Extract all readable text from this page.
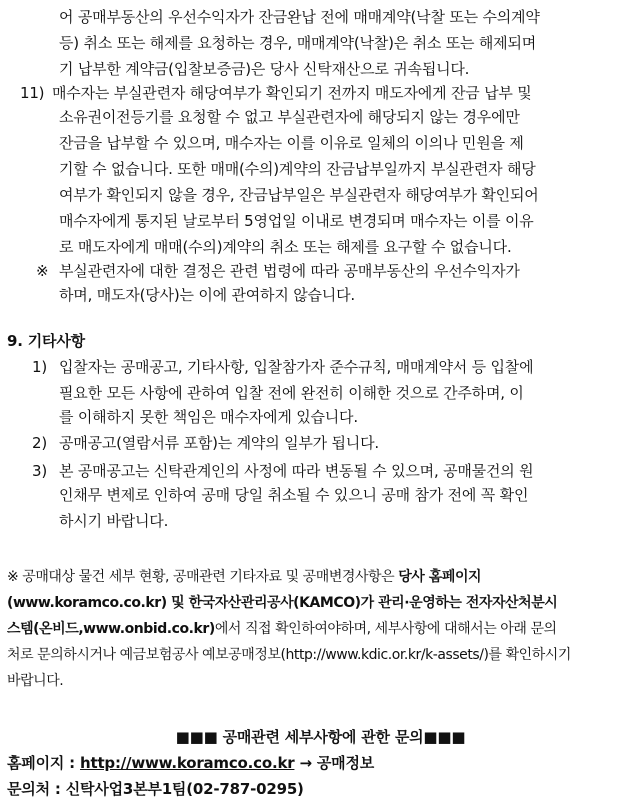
어 공매부동산의 우선수익자가 잔금완납 전에 매매계약(낙찰 또는 수의계약
등) 취소 또는 해제를 요청하는 경우, 매매계약(낙찰)은 취소 또는 해제되며
기 납부한 계약금(입찰보증금)은 당사 신탁재산으로 귀속됩니다.
11) 매수자는 부실관련자 해당여부가 확인되기 전까지 매도자에게 잔금 납부 및
소유권이전등기를 요청할 수 없고 부실관련자에 해당되지 않는 경우에만
잔금을 납부할 수 있으며, 매수자는 이를 이유로 일체의 이의나 민원을 제
기할 수 없습니다. 또한 매매(수의)계약의 잔금납부일까지 부실관련자 해당
여부가 확인되지 않을 경우, 잔금납부일은 부실관련자 해당여부가 확인되어
매수자에게 통지된 날로부터 5영업일 이내로 변경되며 매수자는 이를 이유
로 매도자에게 매매(수의)계약의 취소 또는 해제를 요구할 수 없습니다.
※ 부실관련자에 대한 결정은 관련 법령에 따라 공매부동산의 우선수익자가
하며, 매도자(당사)는 이에 관여하지 않습니다.
9. 기타사항
1) 입찰자는 공매공고, 기타사항, 입찰참가자 준수규칙, 매매계약서 등 입찰에
필요한 모든 사항에 관하여 입찰 전에 완전히 이해한 것으로 간주하며, 이
를 이해하지 못한 책임은 매수자에게 있습니다.
2) 공매공고(열람서류 포함)는 계약의 일부가 됩니다.
3) 본 공매공고는 신탁관계인의 사정에 따라 변동될 수 있으며, 공매물건의 원
인채무 변제로 인하여 공매 당일 취소될 수 있으니 공매 참가 전에 꼭 확인
하시기 바랍니다.
※ 공매대상 물건 세부 현황, 공매관련 기타자료 및 공매변경사항은 당사 홈페이지
(www.koramco.co.kr) 및 한국자산관리공사(KAMCO)가 관리·운영하는 전자자산처분시
스템(온비드,www.onbid.co.kr)에서 직접 확인하여야하며, 세부사항에 대해서는 아래 문의
처로 문의하시거나 예금보험공사 예보공매정보(http://www.kdic.or.kr/k-assets/)를 확인하시기
바랍니다.
■■■ 공매관련 세부사항에 관한 문의■■■
홈페이지 : http://www.koramco.co.kr → 공매정보
문의처 : 신탁사업3본부1팀(02-787-0295)
